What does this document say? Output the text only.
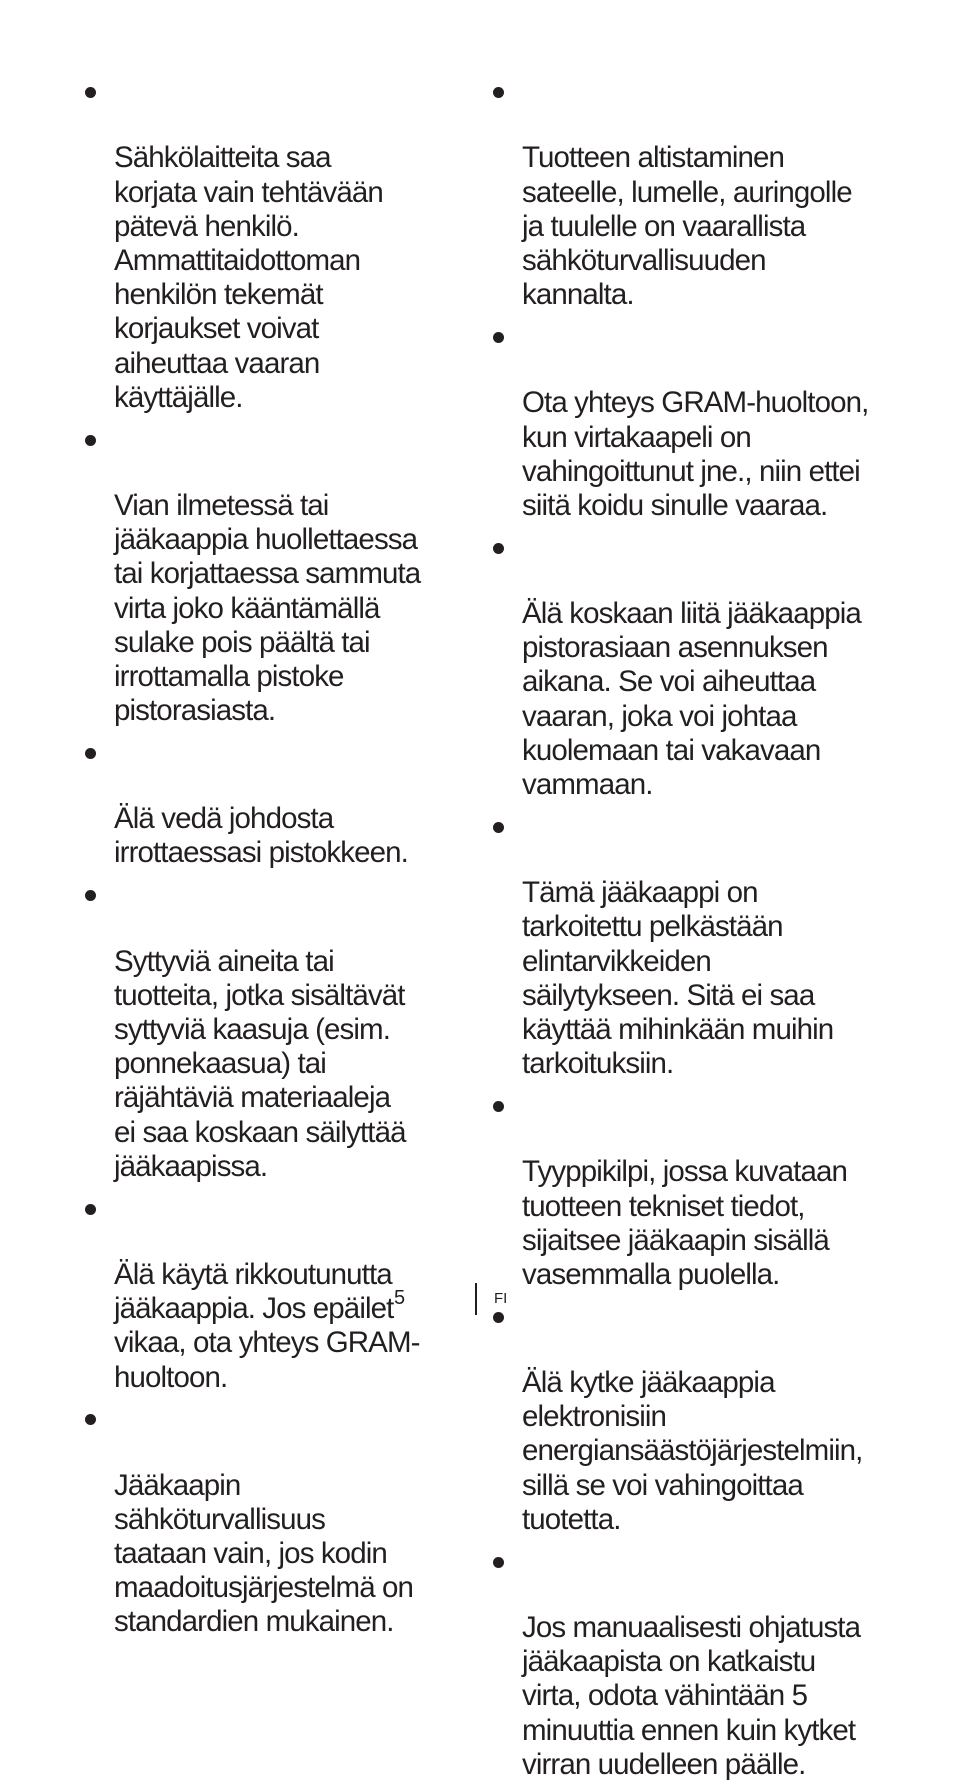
Sähkölaitteita saa
korjata vain tehtävään
pätevä henkilö.
Ammattitaidottoman
henkilön tekemät
korjaukset voivat
aiheuttaa vaaran
käyttäjälle.

Vian ilmetessä tai
jääkaappia huollettaessa
tai korjattaessa sammuta
virta joko kääntämällä
sulake pois päältä tai
irrottamalla pistoke
pistorasiasta.

Älä vedä johdosta
irrottaessasi pistokkeen.

Syttyviä aineita tai
tuotteita, jotka sisältävät
syttyviä kaasuja (esim.
ponnekaasua) tai
räjähtäviä materiaaleja
ei saa koskaan säilyttää
jääkaapissa.

Älä käytä rikkoutunutta
jääkaappia. Jos epäilet
vikaa, ota yhteys GRAM-
huoltoon.

Jääkaapin
sähköturvallisuus
taataan vain, jos kodin
maadoitusjärjestelmä on
standardien mukainen.

Tuotteen altistaminen
sateelle, lumelle, auringolle
ja tuulelle on vaarallista
sähköturvallisuuden
kannalta.

Ota yhteys GRAM-huoltoon,
kun virtakaapeli on
vahingoittunut jne., niin ettei
siitä koidu sinulle vaaraa.

Älä koskaan liitä jääkaappia
pistorasiaan asennuksen
aikana. Se voi aiheuttaa
vaaran, joka voi johtaa
kuolemaan tai vakavaan
vammaan.

Tämä jääkaappi on
tarkoitettu pelkästään
elintarvikkeiden
säilytykseen. Sitä ei saa
käyttää mihinkään muihin
tarkoituksiin.

Tyyppikilpi, jossa kuvataan
tuotteen tekniset tiedot,
sijaitsee jääkaapin sisällä
vasemmalla puolella.

Älä kytke jääkaappia
elektronisiin
energiansäästöjärjestelmiin,
sillä se voi vahingoittaa
tuotetta.

Jos manuaalisesti ohjatusta
jääkaapista on katkaistu
virta, odota vähintään 5
minuuttia ennen kuin kytket
virran uudelleen päälle.

5	FI
